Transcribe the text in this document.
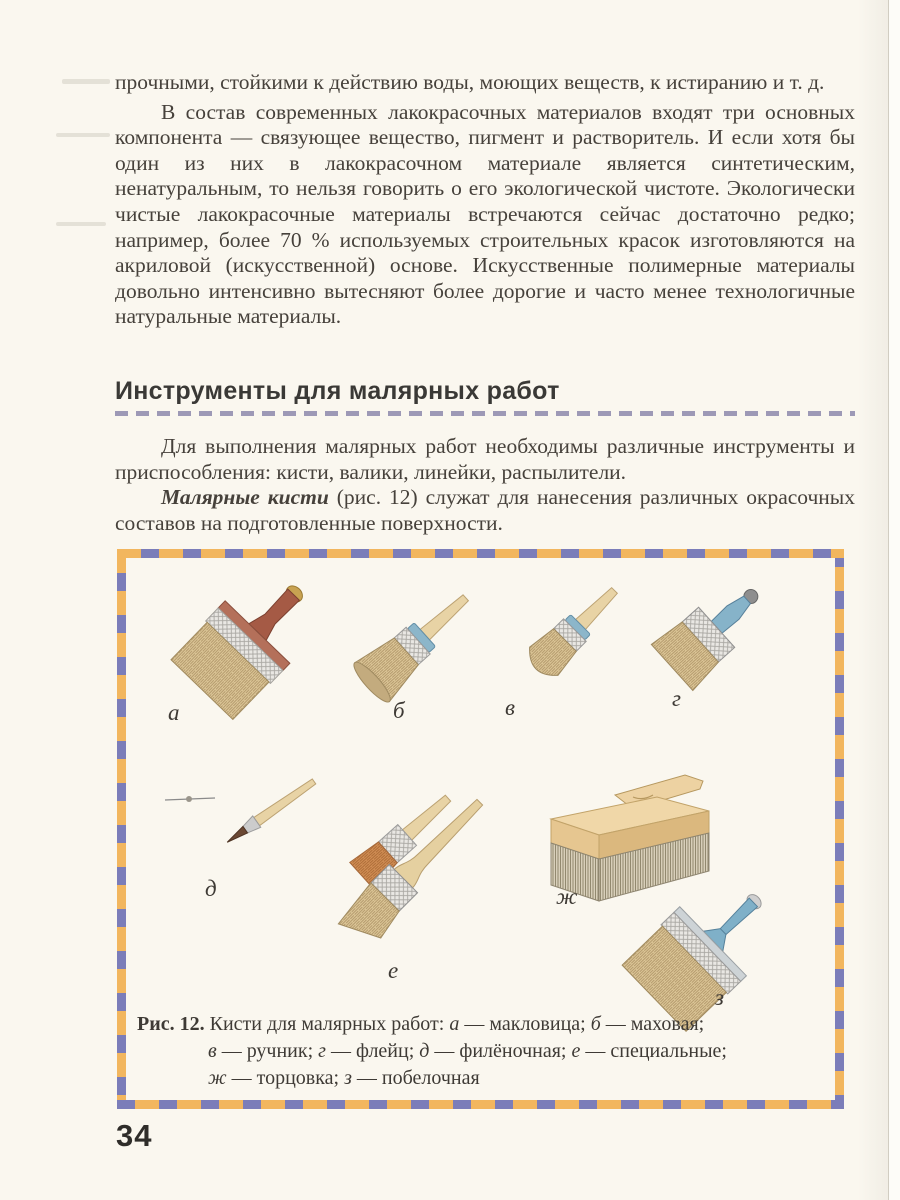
прочными, стойкими к действию воды, моющих веществ, к истиранию и т. д.

В состав современных лакокрасочных материалов входят три основных компонента — связующее вещество, пигмент и растворитель. И если хотя бы один из них в лакокрасочном материале является синтетическим, ненатуральным, то нельзя говорить о его экологической чистоте. Экологически чистые лакокрасочные материалы встречаются сейчас достаточно редко; например, более 70 % используемых строительных красок изготовляются на акриловой (искусственной) основе. Искусственные полимерные материалы довольно интенсивно вытесняют более дорогие и часто менее технологичные натуральные материалы.

Инструменты для малярных работ

Для выполнения малярных работ необходимы различные инструменты и приспособления: кисти, валики, линейки, распылители.

Малярные кисти (рис. 12) служат для нанесения различных окрасочных составов на подготовленные поверхности.

а	б	в	г
д
е
ж
з
Рис. 12. Кисти для малярных работ: а — макловица; б — маховая;
в — ручник; г — флейц; д — филёночная; е — специальные;
ж — торцовка; з — побелочная
34
